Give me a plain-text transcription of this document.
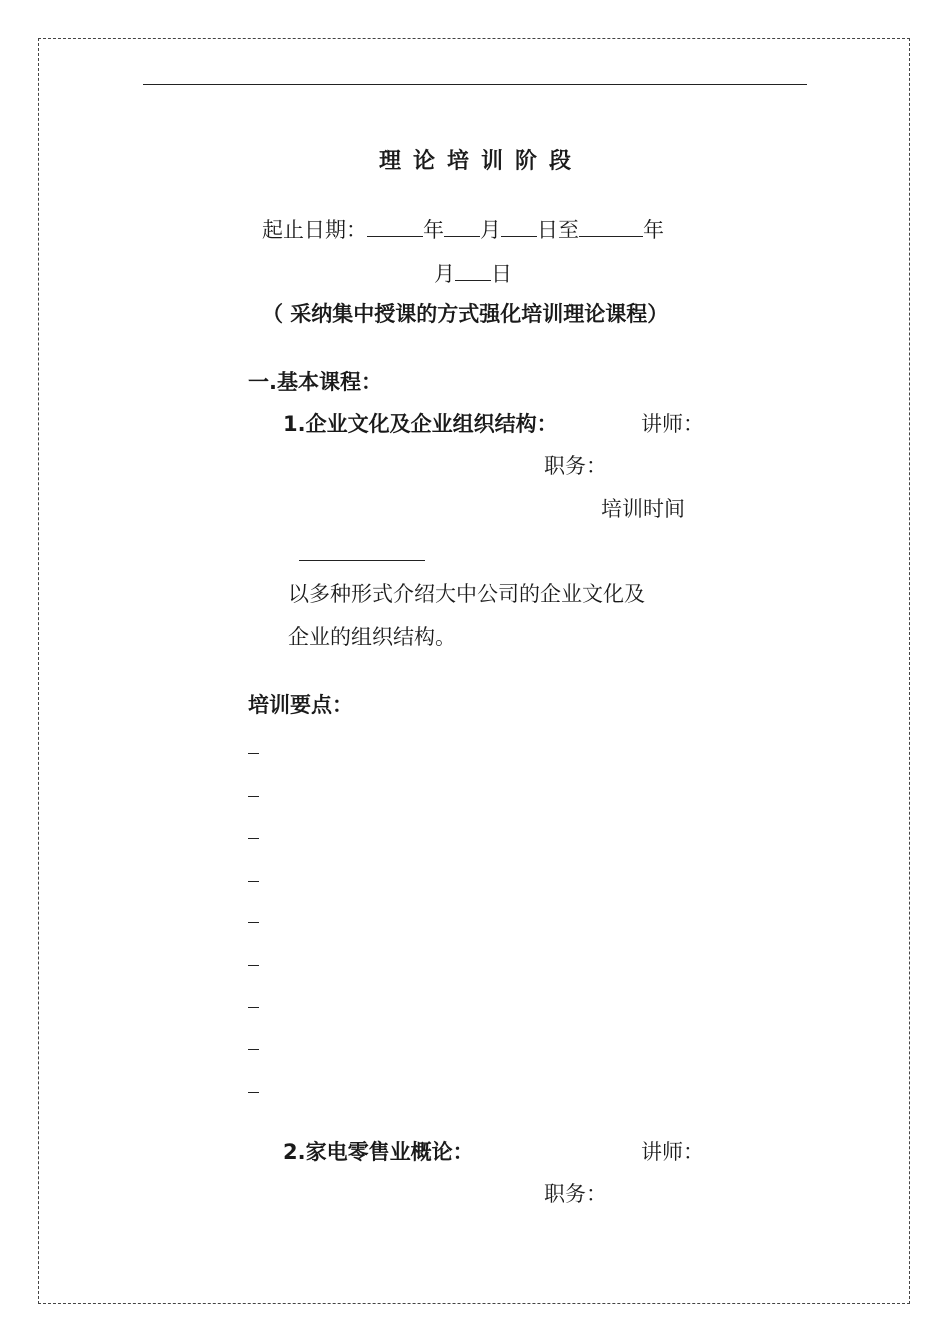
理论培训阶段
起止日期：	年 月 日至	年
月 日
（ 采纳集中授课的方式强化培训理论课程）
一.基本课程：
1.企业文化及企业组织结构：	讲师：
职务：
培训时间
以多种形式介绍大中公司的企业文化及
企业的组织结构。
培训要点：
2.家电零售业概论：	讲师：
职务：
